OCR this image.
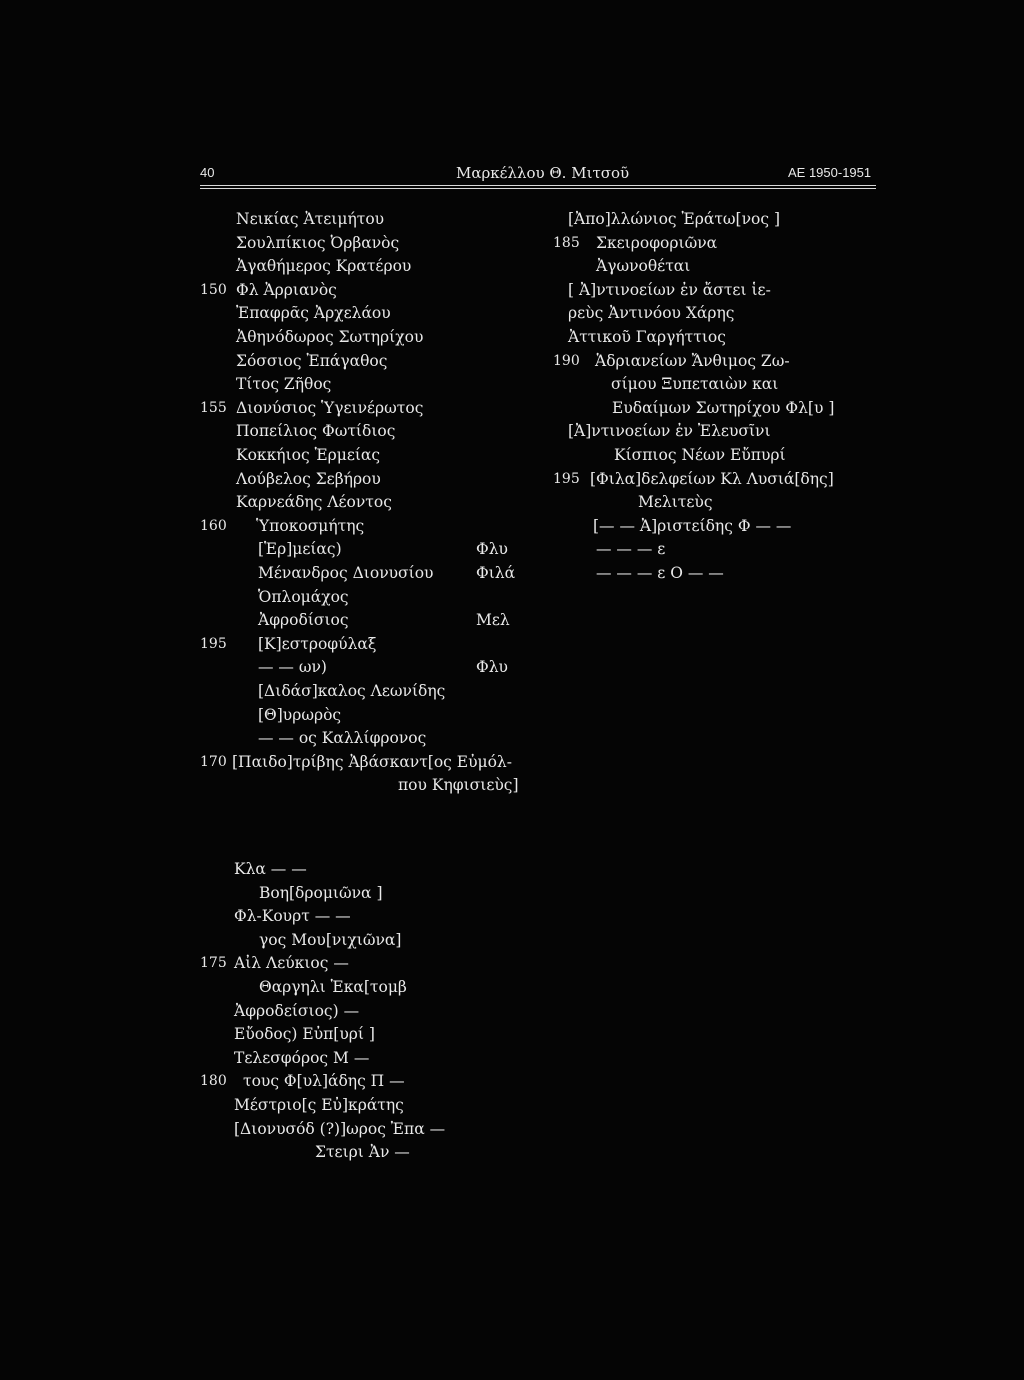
40	Μαρκέλλου Θ. Μιτσοῦ	ΑΕ 1950-1951
Νεικίας Ἀτειμήτου
Σουλπίκιος Ὀρβανὸς
Ἀγαθήμερος Κρατέρου
150 Φλ Ἀρριανὸς
Ἐπαφρᾶς Ἀρχελάου
Ἀθηνόδωρος Σωτηρίχου
Σόσσιος Ἐπάγαθος
Τίτος Ζῆθος
155 Διονύσιος Ὑγεινέρωτος
Ποπείλιος Φωτίδιος
Κοκκήιος Ἑρμείας
Λούβελος Σεβήρου
Καρνεάδης Λέοντος
160 Ὑποκοσμήτης
[Ἑρ]μείας)	Φλυ
Μένανδρος Διονυσίου	Φιλά
Ὁπλομάχος
Ἀφροδίσιος	Μελ
195 [Κ]εστροφύλαξ
— — ων)	Φλυ
[Διδάσ]καλος Λεωνίδης
[Θ]υρωρὸς
— — ος Καλλίφρονος
170 [Παιδο]τρίβης Ἀβάσκαντ[ος Εὐμόλ-
που Κηφισιεὺς]
[Ἀπο]λλώνιος Ἐράτω[νος ]
185 Σκειροφοριῶνα
Ἀγωνοθέται
[ Ἀ]ντινοείων ἐν ἄστει ἱε-
ρεὺς Ἀντινόου Χάρης
Ἀττικοῦ Γαργήττιος
190 Ἁδριανείων Ἄνθιμος Ζω-
σίμου Ξυπεταιὼν και
Ευδαίμων Σωτηρίχου Φλ[υ ]
[Ἀ]ντινοείων ἐν Ἐλευσῖνι
Κίσπιος Νέων Εὔπυρί
195 [Φιλα]δελφείων Κλ Λυσιά[δης]
Μελιτεὺς
[— — Ἀ]ριστείδης Φ — —
— — — ε
— — — ε Ο — —
Κλα — —
Βοη[δρομιῶνα ]
Φλ-Κουρτ — —
γος Μου[νιχιῶνα]
175 Αἰλ Λεύκιος —
Θαργηλι Ἑκα[τομβ
Ἀφροδείσιος) —
Εὔοδος) Εὐπ[υρί ]
Τελεσφόρος Μ —
180 τους Φ[υλ]άδης Π —
Μέστριο[ς Εὐ]κράτης
[Διονυσόδ (?)]ωρος Ἐπα —
Στειρι Ἀν —
